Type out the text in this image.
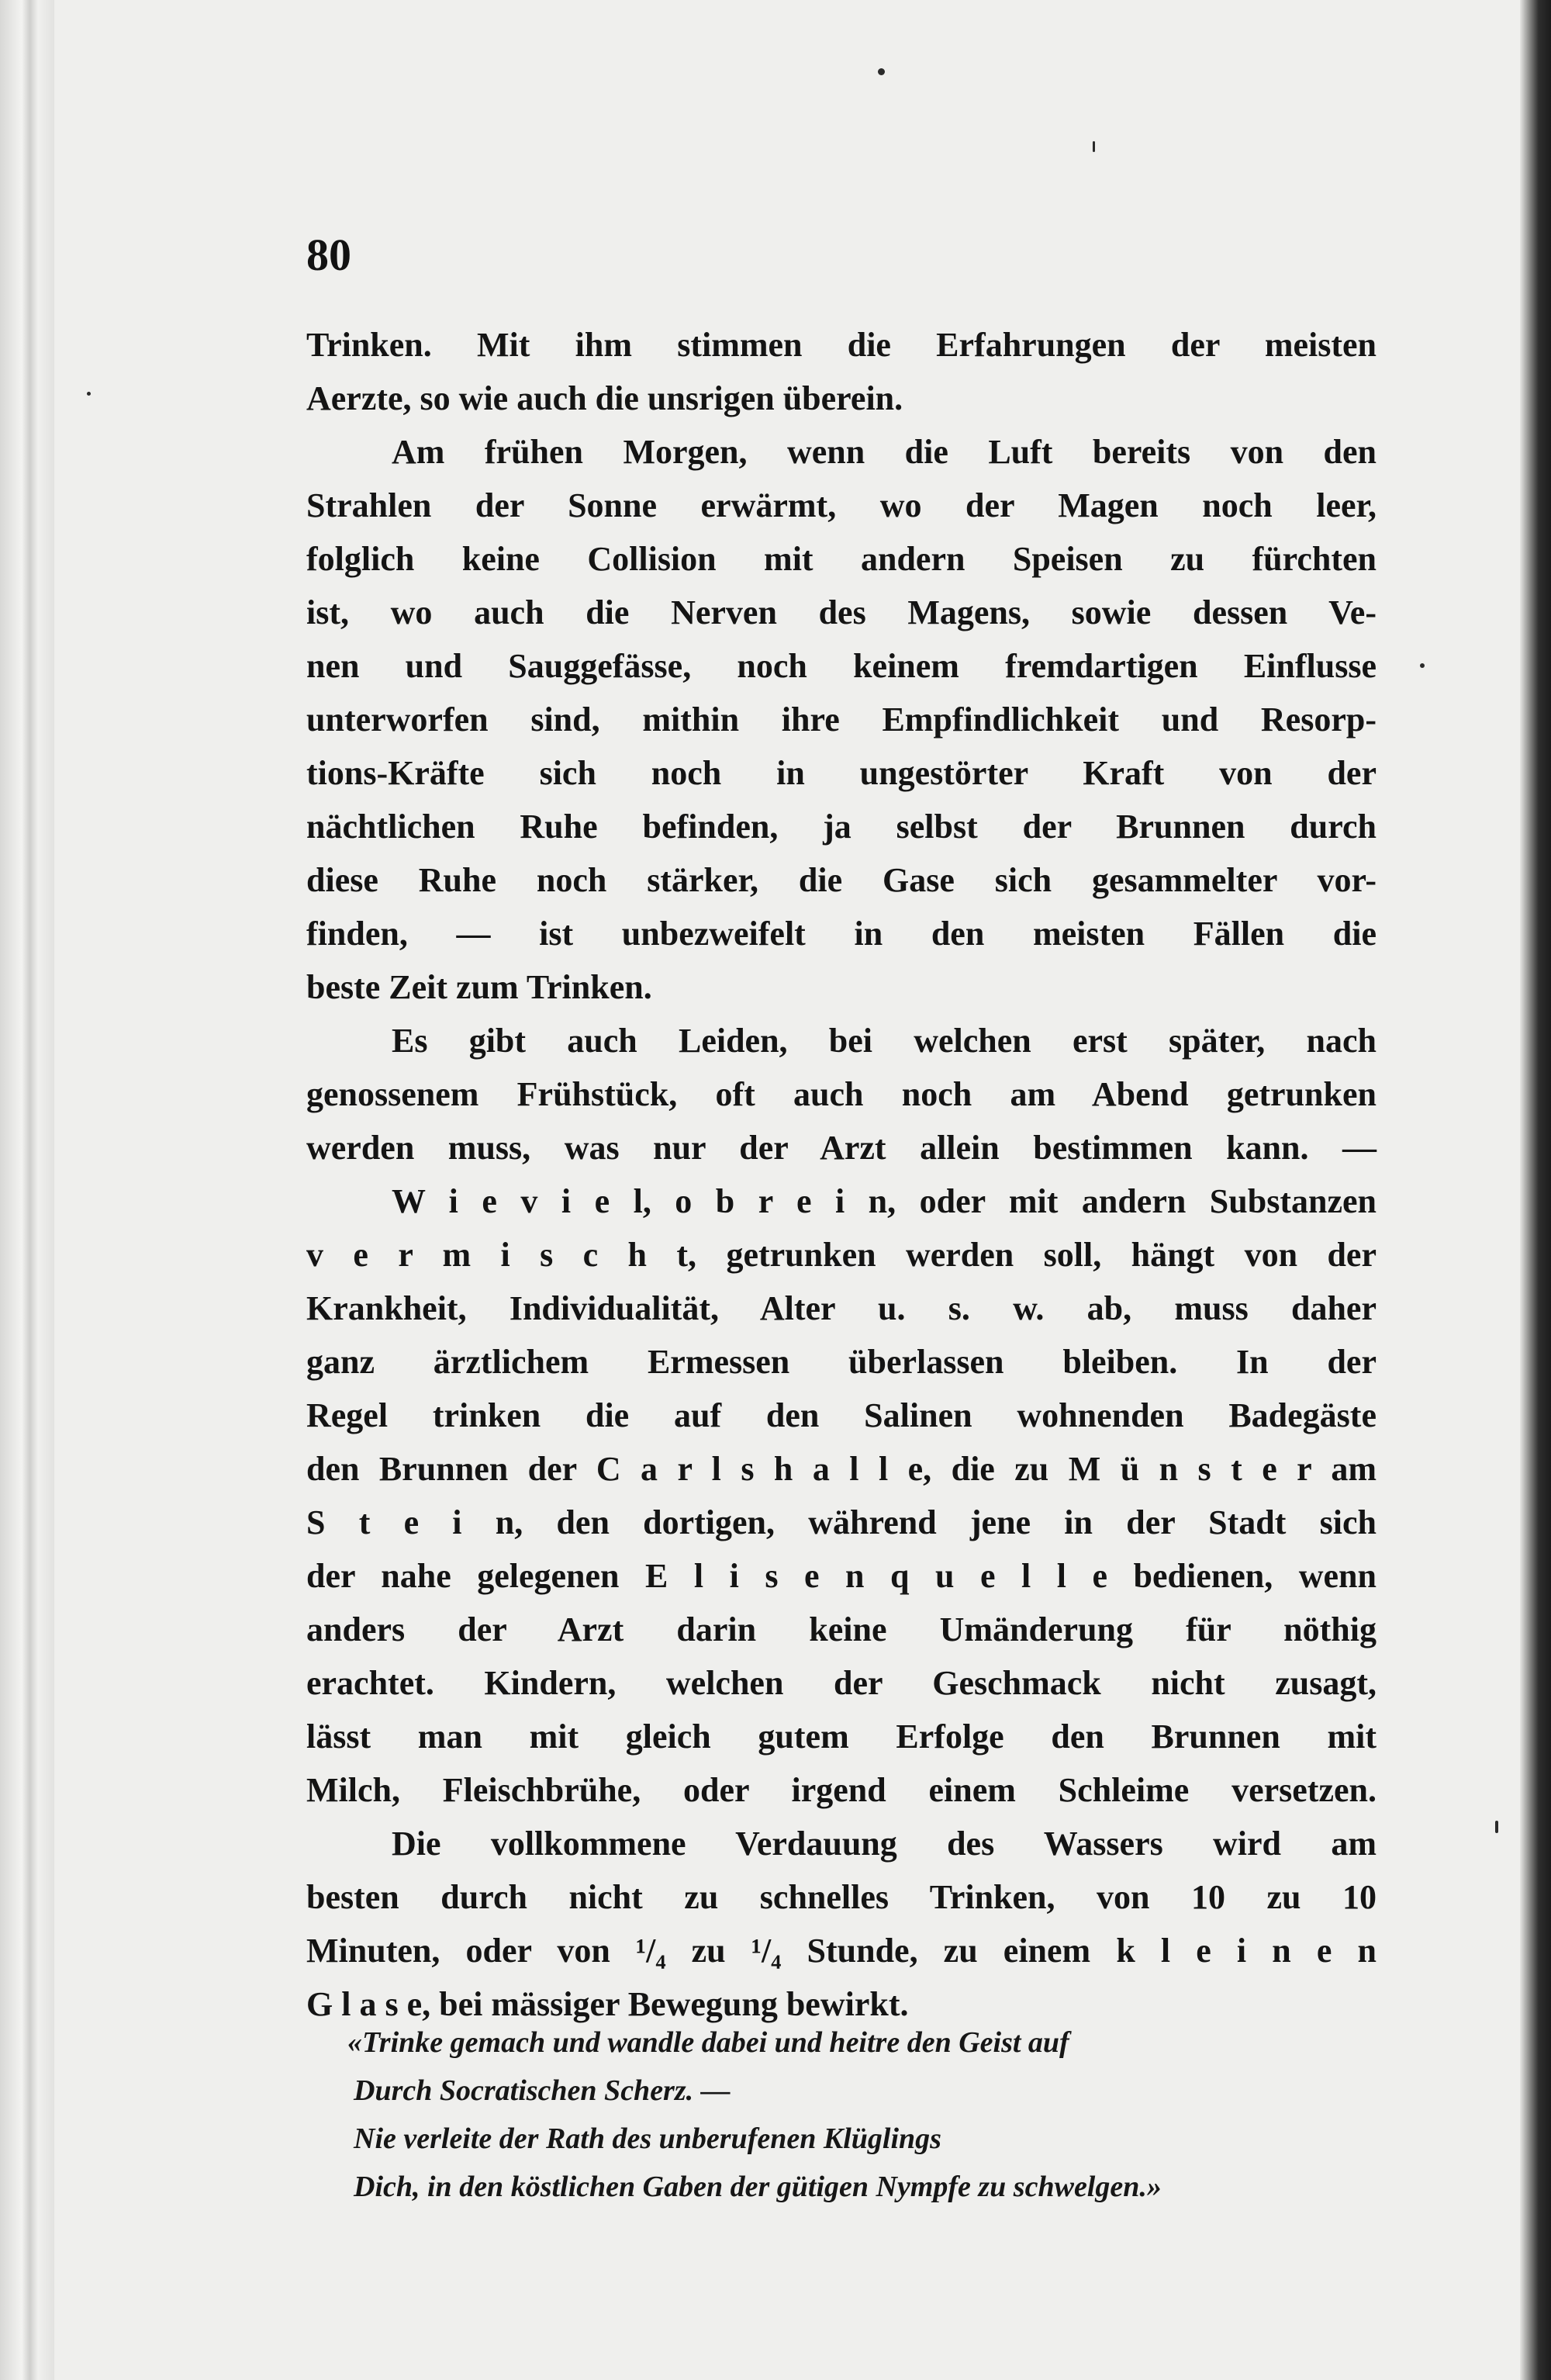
80
Trinken. Mit ihm stimmen die Erfahrungen der meisten
Aerzte, so wie auch die unsrigen überein.
Am frühen Morgen, wenn die Luft bereits von den
Strahlen der Sonne erwärmt, wo der Magen noch leer,
folglich keine Collision mit andern Speisen zu fürchten
ist, wo auch die Nerven des Magens, sowie dessen Ve-
nen und Sauggefässe, noch keinem fremdartigen Einflusse
unterworfen sind, mithin ihre Empfindlichkeit und Resorp-
tions-Kräfte sich noch in ungestörter Kraft von der
nächtlichen Ruhe befinden, ja selbst der Brunnen durch
diese Ruhe noch stärker, die Gase sich gesammelter vor-
finden, — ist unbezweifelt in den meisten Fällen die
beste Zeit zum Trinken.
Es gibt auch Leiden, bei welchen erst später, nach
genossenem Frühstück, oft auch noch am Abend getrunken
werden muss, was nur der Arzt allein bestimmen kann. —
W i e v i e l, o b r e i n, oder mit andern Substanzen
v e r m i s c h t, getrunken werden soll, hängt von der
Krankheit, Individualität, Alter u. s. w. ab, muss daher
ganz ärztlichem Ermessen überlassen bleiben. In der
Regel trinken die auf den Salinen wohnenden Badegäste
den Brunnen der C a r l s h a l l e, die zu M ü n s t e r am
S t e i n, den dortigen, während jene in der Stadt sich
der nahe gelegenen E l i s e n q u e l l e bedienen, wenn
anders der Arzt darin keine Umänderung für nöthig
erachtet. Kindern, welchen der Geschmack nicht zusagt,
lässt man mit gleich gutem Erfolge den Brunnen mit
Milch, Fleischbrühe, oder irgend einem Schleime versetzen.
Die vollkommene Verdauung des Wassers wird am
besten durch nicht zu schnelles Trinken, von 10 zu 10
Minuten, oder von ¹/₄ zu ¹/₄ Stunde, zu einem k l e i n e n
G l a s e, bei mässiger Bewegung bewirkt.
«Trinke gemach und wandle dabei und heitre den Geist auf
Durch Socratischen Scherz. —
Nie verleite der Rath des unberufenen Klüglings
Dich, in den köstlichen Gaben der gütigen Nympfe zu schwelgen.»
